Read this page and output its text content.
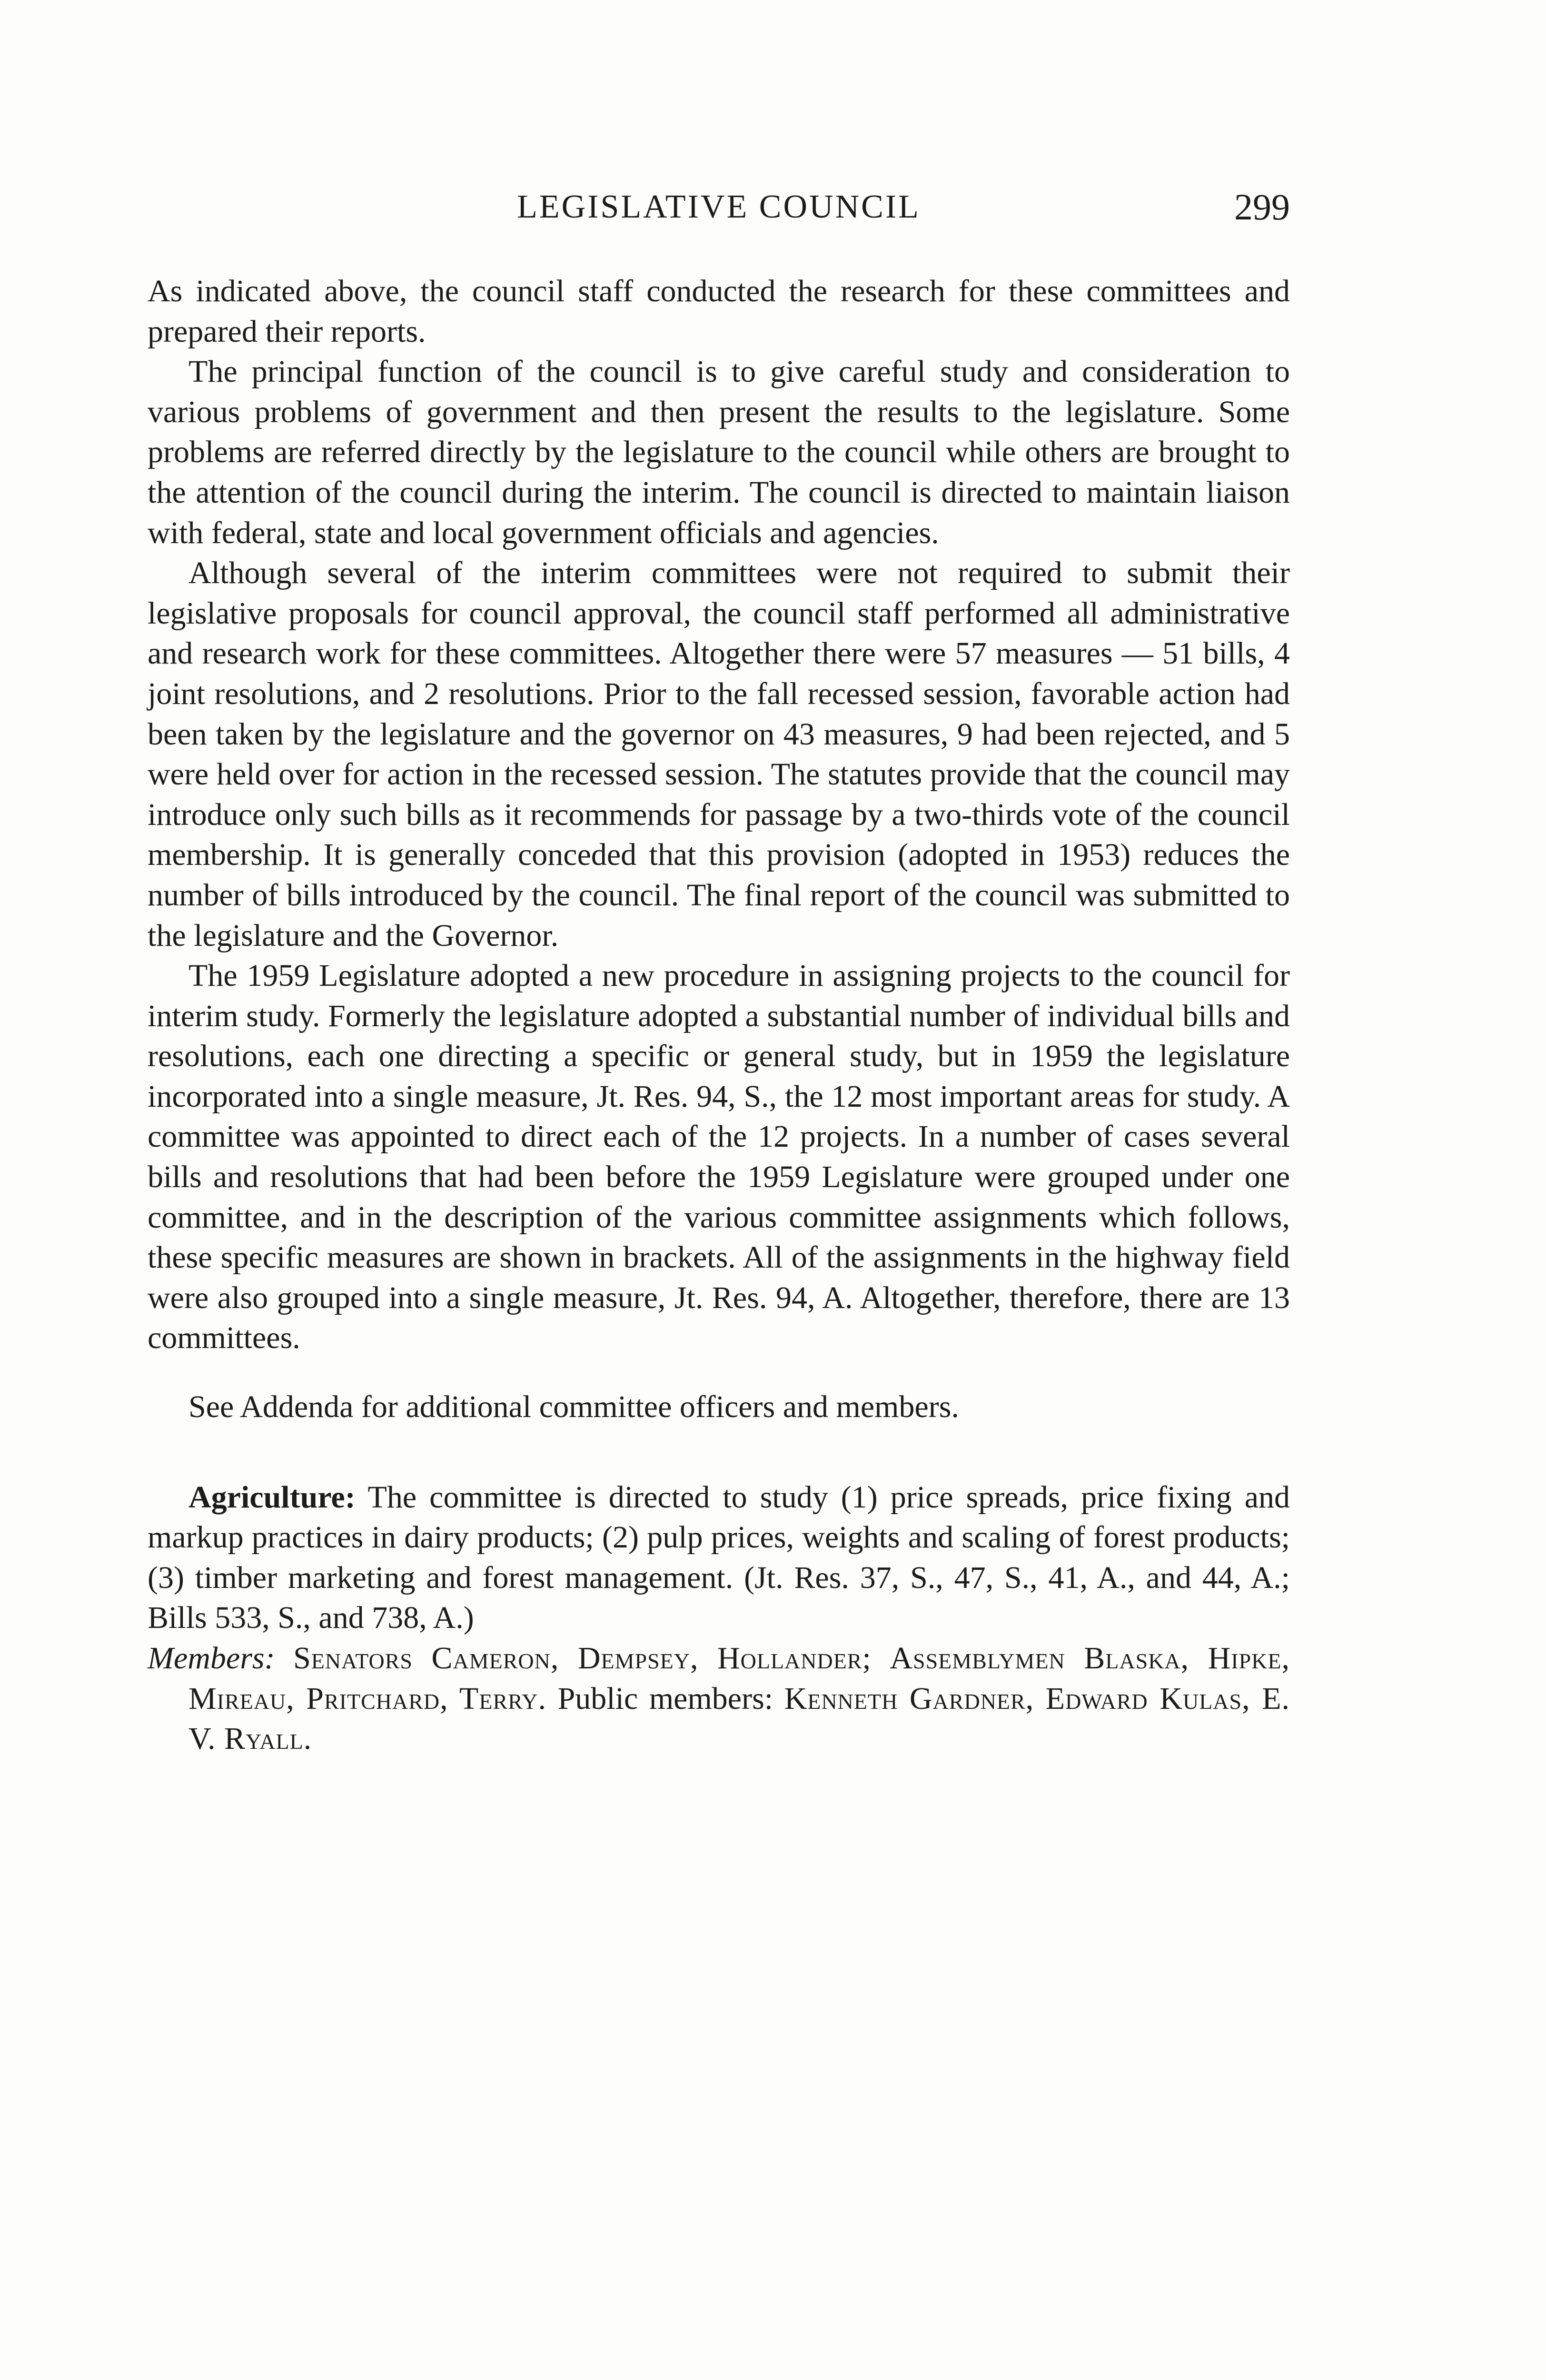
LEGISLATIVE COUNCIL	299

As indicated above, the council staff conducted the research for these committees and prepared their reports.

The principal function of the council is to give careful study and consideration to various problems of government and then present the results to the legislature. Some problems are referred directly by the legislature to the council while others are brought to the attention of the council during the interim. The council is directed to maintain liaison with federal, state and local government officials and agencies.

Although several of the interim committees were not required to submit their legislative proposals for council approval, the council staff performed all administrative and research work for these committees. Altogether there were 57 measures — 51 bills, 4 joint resolutions, and 2 resolutions. Prior to the fall recessed session, favorable action had been taken by the legislature and the governor on 43 measures, 9 had been rejected, and 5 were held over for action in the recessed session. The statutes provide that the council may introduce only such bills as it recommends for passage by a two-thirds vote of the council membership. It is generally conceded that this provision (adopted in 1953) reduces the number of bills introduced by the council. The final report of the council was submitted to the legislature and the Governor.

The 1959 Legislature adopted a new procedure in assigning projects to the council for interim study. Formerly the legislature adopted a substantial number of individual bills and resolutions, each one directing a specific or general study, but in 1959 the legislature incorporated into a single measure, Jt. Res. 94, S., the 12 most important areas for study. A committee was appointed to direct each of the 12 projects. In a number of cases several bills and resolutions that had been before the 1959 Legislature were grouped under one committee, and in the description of the various committee assignments which follows, these specific measures are shown in brackets. All of the assignments in the highway field were also grouped into a single measure, Jt. Res. 94, A. Altogether, therefore, there are 13 committees.

See Addenda for additional committee officers and members.

Agriculture: The committee is directed to study (1) price spreads, price fixing and markup practices in dairy products; (2) pulp prices, weights and scaling of forest products; (3) timber marketing and forest management. (Jt. Res. 37, S., 47, S., 41, A., and 44, A.; Bills 533, S., and 738, A.)

Members: Senators Cameron, Dempsey, Hollander; Assemblymen Blaska, Hipke, Mireau, Pritchard, Terry. Public members: Kenneth Gardner, Edward Kulas, E. V. Ryall.
